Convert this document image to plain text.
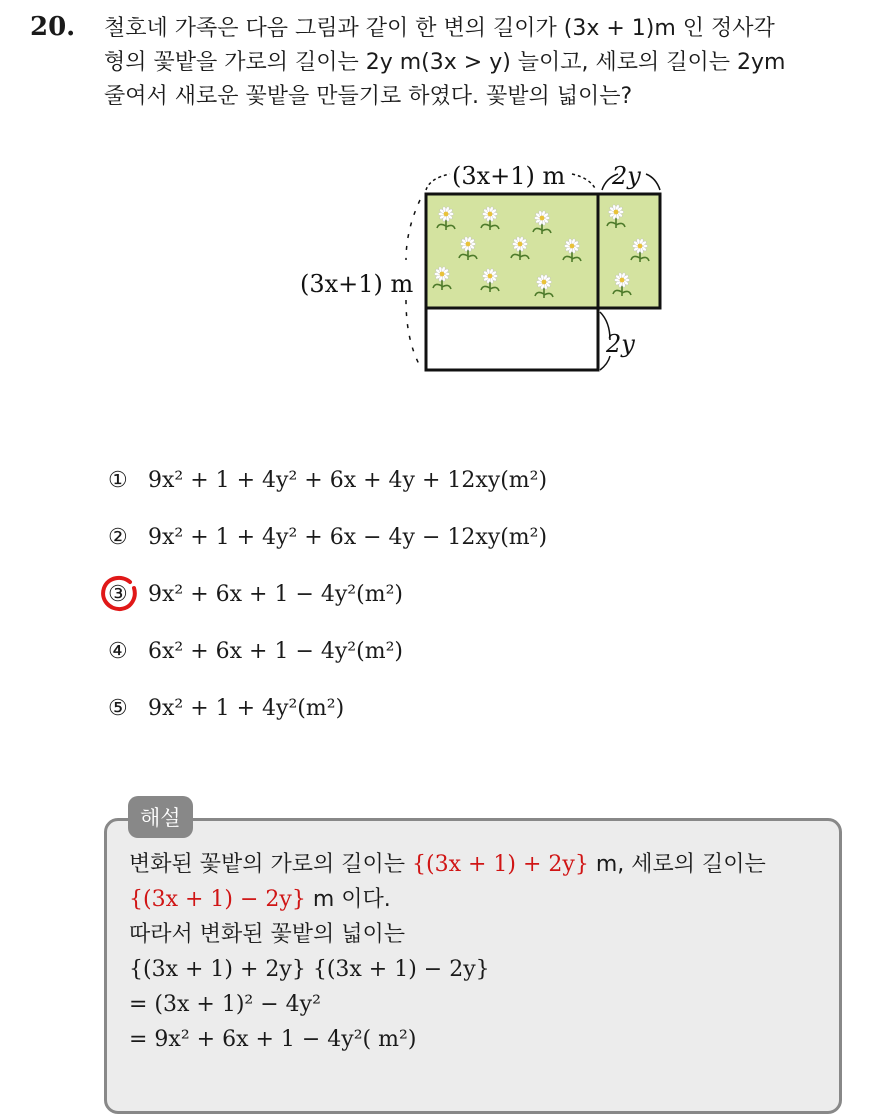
20. 철호네 가족은 다음 그림과 같이 한 변의 길이가 (3x + 1)m 인 정사각
형의 꽃밭을 가로의 길이는 2y m(3x > y) 늘이고, 세로의 길이는 2ym
줄여서 새로운 꽃밭을 만들기로 하였다. 꽃밭의 넓이는?
(3x+1) m 2y
(3x+1) m
2y
① 9x² + 1 + 4y² + 6x + 4y + 12xy(m²)
② 9x² + 1 + 4y² + 6x − 4y − 12xy(m²)
③ 9x² + 6x + 1 − 4y²(m²)
④ 6x² + 6x + 1 − 4y²(m²)
⑤ 9x² + 1 + 4y²(m²)
해설
변화된 꽃밭의 가로의 길이는 {(3x + 1) + 2y} m, 세로의 길이는
{(3x + 1) − 2y} m 이다.
따라서 변화된 꽃밭의 넓이는
{(3x + 1) + 2y} {(3x + 1) − 2y}
= (3x + 1)² − 4y²
= 9x² + 6x + 1 − 4y²( m²)
